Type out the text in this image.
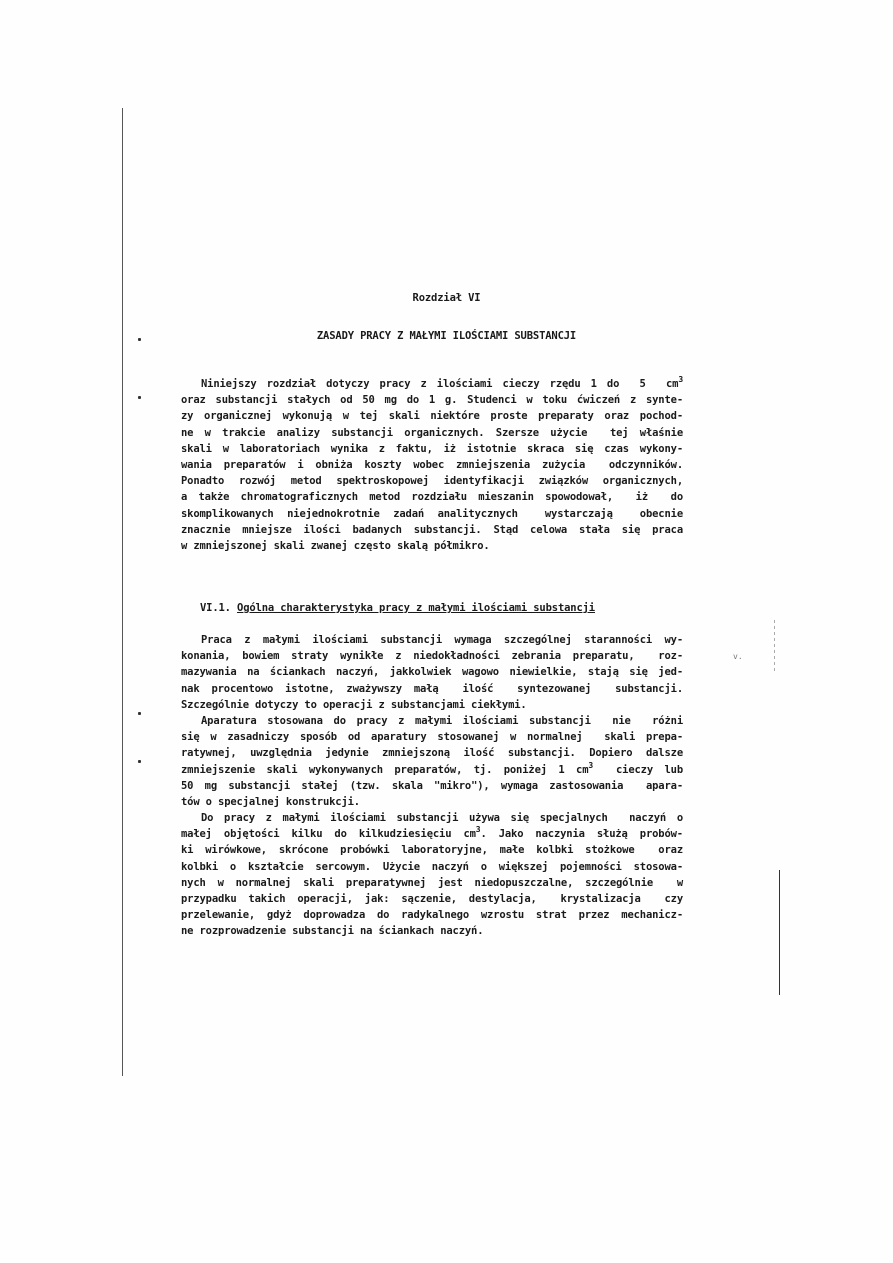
v.
Rozdział VI
ZASADY PRACY Z MAŁYMI ILOŚCIAMI SUBSTANCJI
Niniejszy rozdział dotyczy pracy z ilościami cieczy rzędu 1 do  5  $cm^3$
oraz substancji stałych od 50 mg do 1 g. Studenci w toku ćwiczeń z synte-
zy organicznej wykonują w tej skali niektóre proste preparaty oraz pochod-
ne w trakcie analizy substancji organicznych. Szersze użycie  tej właśnie
skali w laboratoriach wynika z faktu, iż istotnie skraca się czas wykony-
wania preparatów i obniża koszty wobec zmniejszenia zużycia  odczynników.
Ponadto rozwój metod spektroskopowej identyfikacji związków organicznych,
a także chromatograficznych metod rozdziału mieszanin spowodował,  iż  do
skomplikowanych niejednokrotnie zadań analitycznych  wystarczają  obecnie
znacznie mniejsze ilości badanych substancji. Stąd celowa stała się praca
w zmniejszonej skali zwanej często skalą półmikro.
VI.1. Ogólna charakterystyka pracy z małymi ilościami substancji
Praca z małymi ilościami substancji wymaga szczególnej staranności wy-
konania, bowiem straty wynikłe z niedokładności zebrania preparatu,  roz-
mazywania na ściankach naczyń, jakkolwiek wagowo niewielkie, stają się jed-
nak procentowo istotne, zważywszy małą  ilość  syntezowanej  substancji.
Szczególnie dotyczy to operacji z substancjami ciekłymi.
Aparatura stosowana do pracy z małymi ilościami substancji  nie  różni
się w zasadniczy sposób od aparatury stosowanej w normalnej  skali prepa-
ratywnej, uwzględnia jedynie zmniejszoną ilość substancji. Dopiero dalsze
zmniejszenie skali wykonywanych preparatów, tj. poniżej 1 $cm^3$  cieczy lub
50 mg substancji stałej (tzw. skala "mikro"), wymaga zastosowania  apara-
tów o specjalnej konstrukcji.
Do pracy z małymi ilościami substancji używa się specjalnych  naczyń o
małej objętości kilku do kilkudziesięciu $cm^3$. Jako naczynia służą probów-
ki wirówkowe, skrócone probówki laboratoryjne, małe kolbki stożkowe  oraz
kolbki o kształcie sercowym. Użycie naczyń o większej pojemności stosowa-
nych w normalnej skali preparatywnej jest niedopuszczalne, szczególnie  w
przypadku takich operacji, jak: sączenie, destylacja,  krystalizacja  czy
przelewanie, gdyż doprowadza do radykalnego wzrostu strat przez mechanicz-
ne rozprowadzenie substancji na ściankach naczyń.
